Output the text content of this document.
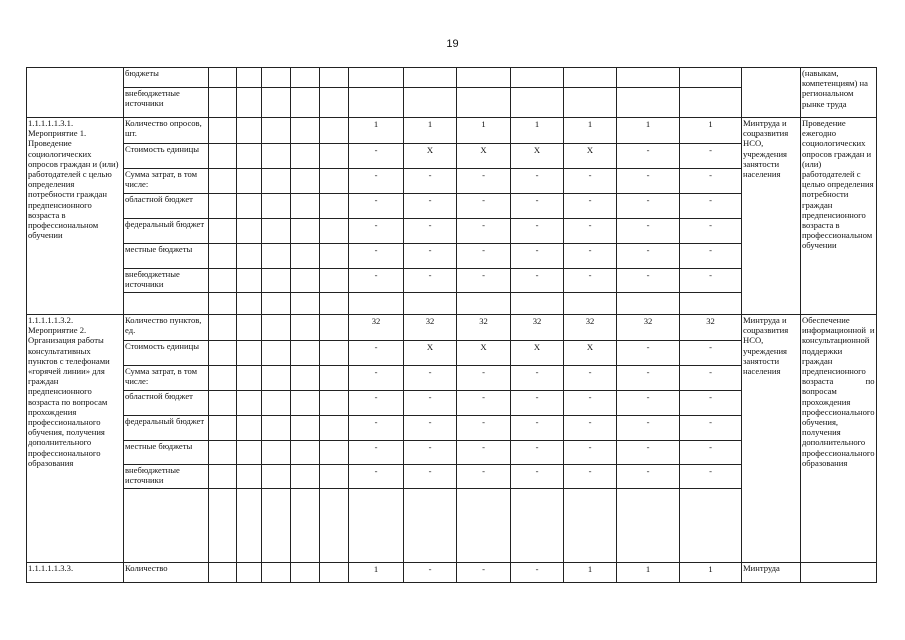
19
	бюджеты														(навыкам, компетенциям) на региональном рынке труда
	внебюджетные источники														
1.1.1.1.1.3.1. Мероприятие 1. Проведение социологических опросов граждан и (или) работодателей с целью определения потребности граждан предпенсионного возраста в профессиональном обучении	Количество опросов, шт.						1	1	1	1	1	1	1	Минтруда и соцразвития НСО, учреждения занятости населения	Проведение ежегодно социологических опросов граждан и (или) работодателей с целью определения потребности граждан предпенсионного возраста в профессиональном обучении
	Стоимость единицы						-	Х	Х	Х	Х	-	-		
	Сумма затрат, в том числе:						-	-	-	-	-	-	-		
	областной бюджет						-	-	-	-	-	-	-		
	федеральный бюджет						-	-	-	-	-	-	-		
	местные бюджеты						-	-	-	-	-	-	-		
	внебюджетные источники						-	-	-	-	-	-	-		

1.1.1.1.1.3.2. Мероприятие 2. Организация работы консультативных пунктов с телефонами «горячей линии» для граждан предпенсионного возраста по вопросам прохождения профессионального обучения, получения дополнительного профессионального образования	Количество пунктов, ед.						32	32	32	32	32	32	32	Минтруда и соцразвития НСО, учреждения занятости населения	Обеспечение информационной и консультационной поддержки граждан предпенсионного возраста по вопросам прохождения профессионального обучения, получения дополнительного профессионального образования
	Стоимость единицы						-	Х	Х	Х	Х	-	-		
	Сумма затрат, в том числе:						-	-	-	-	-	-	-		
	областной бюджет						-	-	-	-	-	-	-		
	федеральный бюджет						-	-	-	-	-	-	-		
	местные бюджеты						-	-	-	-	-	-	-		
	внебюджетные источники						-	-	-	-	-	-	-		

1.1.1.1.1.3.3.	Количество						1	-	-	-	1	1	1	Минтруда	
